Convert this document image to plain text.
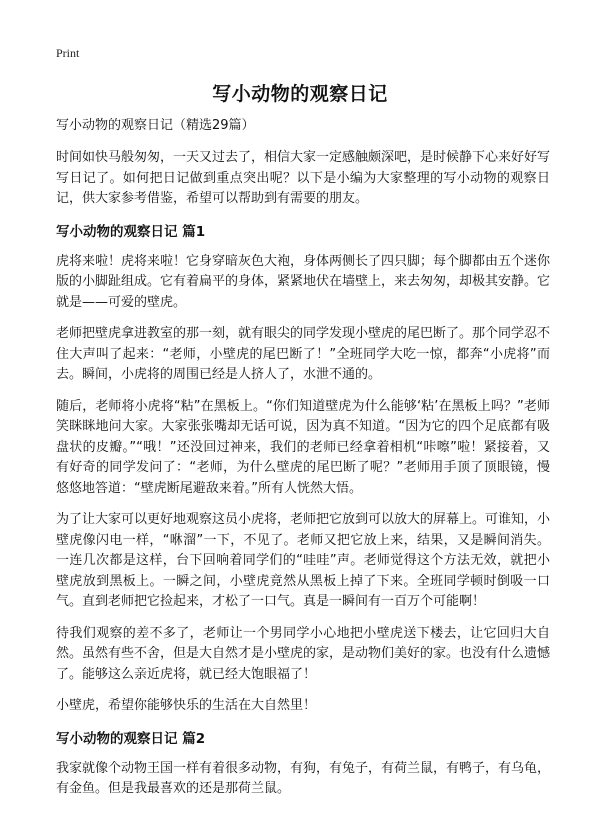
Print
写小动物的观察日记
写小动物的观察日记（精选29篇）

时间如快马般匆匆，一天又过去了，相信大家一定感触颇深吧，是时候静下心来好好写写日记了。如何把日记做到重点突出呢？以下是小编为大家整理的写小动物的观察日记，供大家参考借鉴，希望可以帮助到有需要的朋友。

写小动物的观察日记 篇1

虎将来啦！虎将来啦！它身穿暗灰色大袍，身体两侧长了四只脚；每个脚都由五个迷你版的小脚趾组成。它有着扁平的身体，紧紧地伏在墙壁上，来去匆匆，却极其安静。它就是——可爱的壁虎。

老师把壁虎拿进教室的那一刻，就有眼尖的同学发现小壁虎的尾巴断了。那个同学忍不住大声叫了起来：“老师，小壁虎的尾巴断了！”全班同学大吃一惊，都奔“小虎将”而去。瞬间，小虎将的周围已经是人挤人了，水泄不通的。

随后，老师将小虎将“粘”在黑板上。“你们知道壁虎为什么能够‘粘’在黑板上吗？”老师笑眯眯地问大家。大家张张嘴却无话可说，因为真不知道。“因为它的四个足底都有吸盘状的皮瓣。”“哦！”还没回过神来，我们的老师已经拿着相机“咔嚓”啦！紧接着，又有好奇的同学发问了：“老师，为什么壁虎的尾巴断了呢？”老师用手顶了顶眼镜，慢悠悠地答道：“壁虎断尾避敌来着。”所有人恍然大悟。

为了让大家可以更好地观察这员小虎将，老师把它放到可以放大的屏幕上。可谁知，小壁虎像闪电一样，“咻溜”一下，不见了。老师又把它放上来，结果，又是瞬间消失。一连几次都是这样，台下回响着同学们的“哇哇”声。老师觉得这个方法无效，就把小壁虎放到黑板上。一瞬之间，小壁虎竟然从黑板上掉了下来。全班同学顿时倒吸一口气。直到老师把它捡起来，才松了一口气。真是一瞬间有一百万个可能啊！

待我们观察的差不多了，老师让一个男同学小心地把小壁虎送下楼去，让它回归大自然。虽然有些不舍，但是大自然才是小壁虎的家，是动物们美好的家。也没有什么遗憾了。能够这么亲近虎将，就已经大饱眼福了！

小壁虎，希望你能够快乐的生活在大自然里！

写小动物的观察日记 篇2

我家就像个动物王国一样有着很多动物，有狗，有兔子，有荷兰鼠，有鸭子，有乌龟，有金鱼。但是我最喜欢的还是那荷兰鼠。
